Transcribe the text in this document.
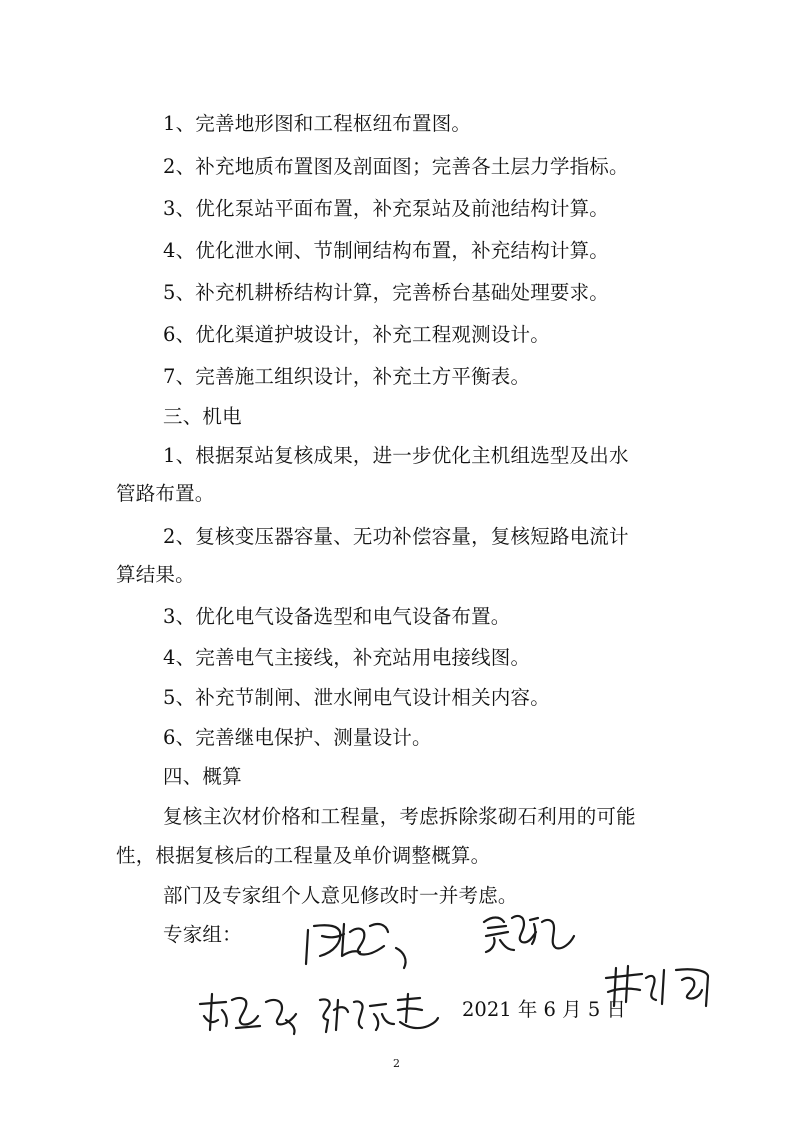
1、完善地形图和工程枢纽布置图。
2、补充地质布置图及剖面图；完善各土层力学指标。
3、优化泵站平面布置，补充泵站及前池结构计算。
4、优化泄水闸、节制闸结构布置，补充结构计算。
5、补充机耕桥结构计算，完善桥台基础处理要求。
6、优化渠道护坡设计，补充工程观测设计。
7、完善施工组织设计，补充土方平衡表。
三、机电
1、根据泵站复核成果，进一步优化主机组选型及出水
管路布置。
2、复核变压器容量、无功补偿容量，复核短路电流计
算结果。
3、优化电气设备选型和电气设备布置。
4、完善电气主接线，补充站用电接线图。
5、补充节制闸、泄水闸电气设计相关内容。
6、完善继电保护、测量设计。
四、概算
复核主次材价格和工程量，考虑拆除浆砌石利用的可能
性，根据复核后的工程量及单价调整概算。
部门及专家组个人意见修改时一并考虑。
专家组：
2021 年 6 月 5 日
2
